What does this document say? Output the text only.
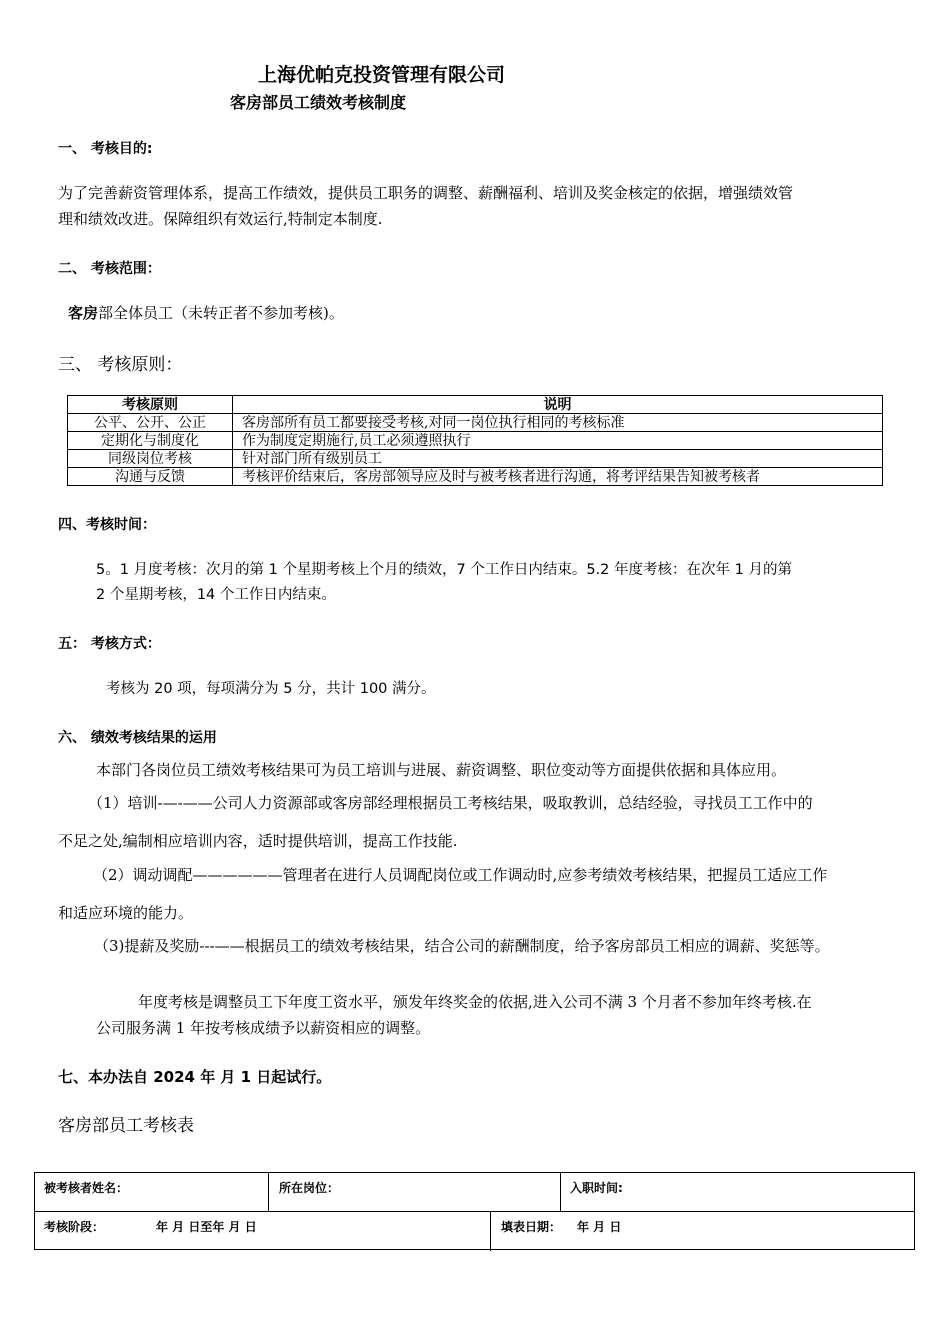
上海优帕克投资管理有限公司
客房部员工绩效考核制度
一、 考核目的:
为了完善薪资管理体系，提高工作绩效，提供员工职务的调整、薪酬福利、培训及奖金核定的依据，增强绩效管
理和绩效改进。保障组织有效运行,特制定本制度.
二、 考核范围：
客房部全体员工（未转正者不参加考核)。
三、 考核原则：
考核原则	说明
公平、公开、公正	客房部所有员工都要接受考核,对同一岗位执行相同的考核标准
定期化与制度化	作为制度定期施行,员工必须遵照执行
同级岗位考核	针对部门所有级别员工
沟通与反馈	考核评价结束后，客房部领导应及时与被考核者进行沟通，将考评结果告知被考核者
四、考核时间：
5。1 月度考核：次月的第 1 个星期考核上个月的绩效，7 个工作日内结束。5.2 年度考核：在次年 1 月的第
2 个星期考核，14 个工作日内结束。
五： 考核方式：
考核为 20 项，每项满分为 5 分，共计 100 满分。
六、 绩效考核结果的运用
本部门各岗位员工绩效考核结果可为员工培训与进展、薪资调整、职位变动等方面提供依据和具体应用。
（1）培训-—-——公司人力资源部或客房部经理根据员工考核结果，吸取教训，总结经验，寻找员工工作中的
不足之处,编制相应培训内容，适时提供培训，提高工作技能.
（2）调动调配——————管理者在进行人员调配岗位或工作调动时,应参考绩效考核结果，把握员工适应工作
和适应环境的能力。
（3)提薪及奖励---——根据员工的绩效考核结果，结合公司的薪酬制度，给予客房部员工相应的调薪、奖惩等。
年度考核是调整员工下年度工资水平，颁发年终奖金的依据,进入公司不满 3 个月者不参加年终考核.在
公司服务满 1 年按考核成绩予以薪资相应的调整。
七、本办法自 2024 年 月 1 日起试行。
客房部员工考核表
被考核者姓名：	所在岗位：	入职时间:
考核阶段：	年 月 日至年 月 日	填表日期： 年 月 日
